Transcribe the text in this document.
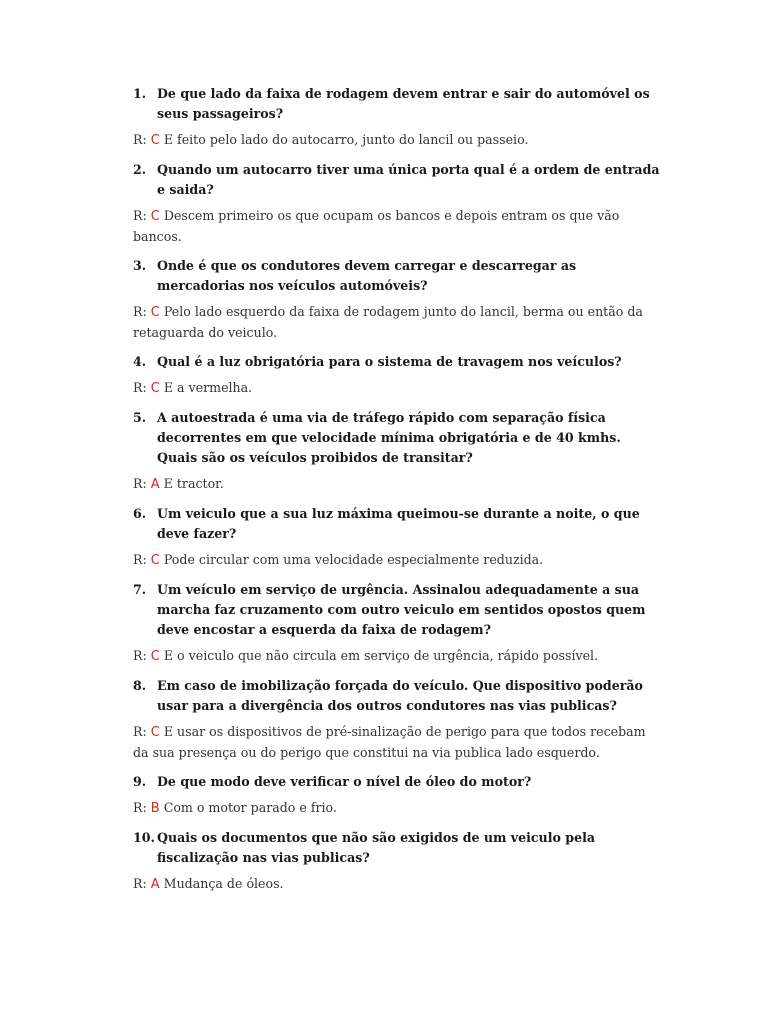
1. De que lado da faixa de rodagem devem entrar e sair do automóvel os seus passageiros?
R: C E feito pelo lado do autocarro, junto do lancil ou passeio.
2. Quando um autocarro tiver uma única porta qual é a ordem de entrada e saida?
R: C Descem primeiro os que ocupam os bancos e depois entram os que vão bancos.
3. Onde é que os condutores devem carregar e descarregar as mercadorias nos veículos automóveis?
R: C Pelo lado esquerdo da faixa de rodagem junto do lancil, berma ou então da retaguarda do veiculo.
4. Qual é a luz obrigatória para o sistema de travagem nos veículos?
R: C E a vermelha.
5. A autoestrada é uma via de tráfego rápido com separação física decorrentes em que velocidade mínima obrigatória e de 40 kmhs. Quais são os veículos proibidos de transitar?
R: A E tractor.
6. Um veiculo que a sua luz máxima queimou-se durante a noite, o que deve fazer?
R: C Pode circular com uma velocidade especialmente reduzida.
7. Um veículo em serviço de urgência. Assinalou adequadamente a sua marcha faz cruzamento com outro veiculo em sentidos opostos quem deve encostar a esquerda da faixa de rodagem?
R: C E o veiculo que não circula em serviço de urgência, rápido possível.
8. Em caso de imobilização forçada do veículo. Que dispositivo poderão usar para a divergência dos outros condutores nas vias publicas?
R: C E usar os dispositivos de pré-sinalização de perigo para que todos recebam da sua presença ou do perigo que constitui na via publica lado esquerdo.
9. De que modo deve verificar o nível de óleo do motor?
R: B Com o motor parado e frio.
10. Quais os documentos que não são exigidos de um veiculo pela fiscalização nas vias publicas?
R: A Mudança de óleos.
